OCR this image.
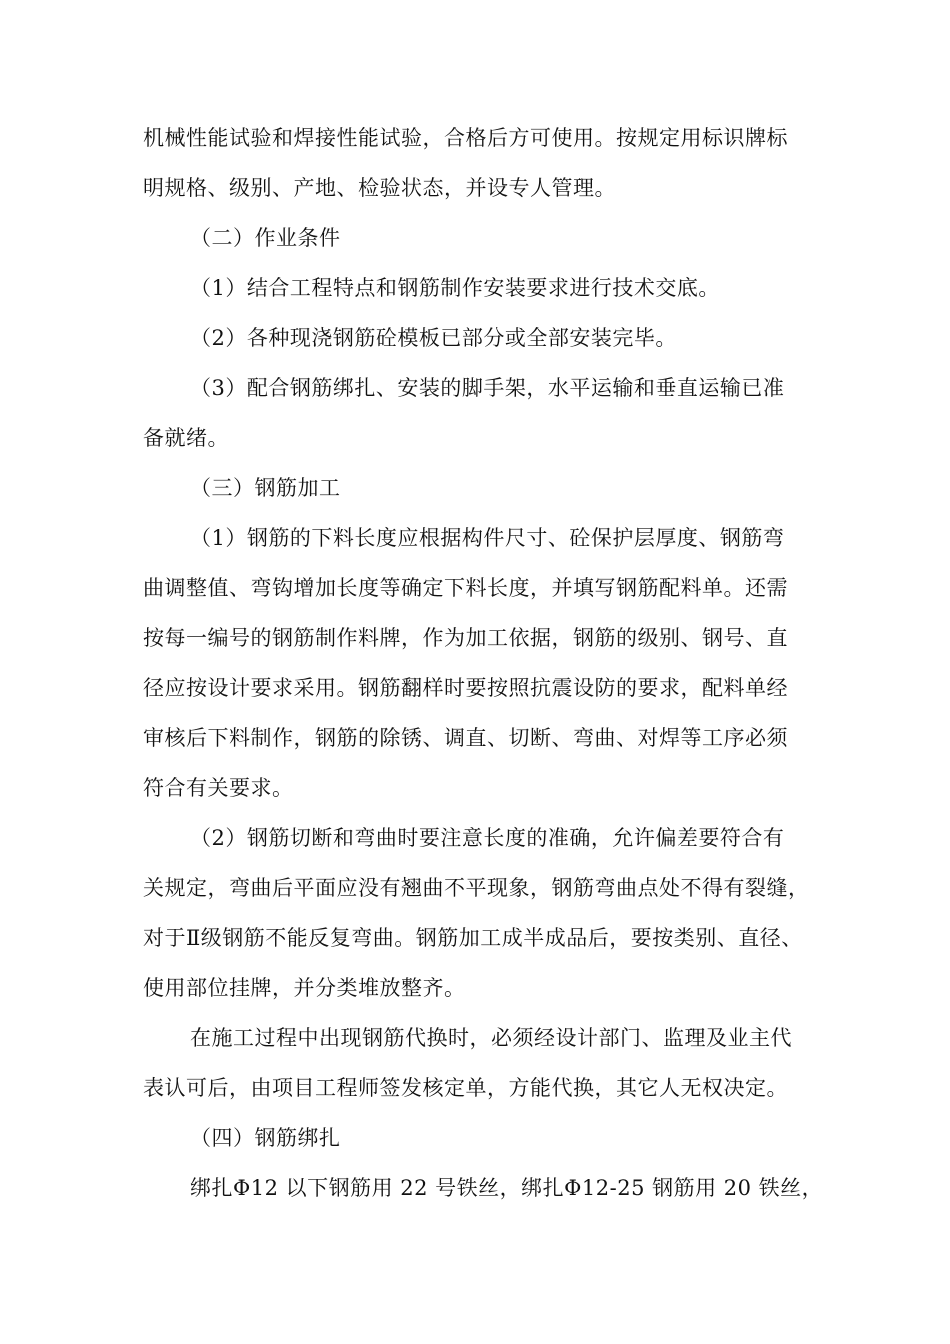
机械性能试验和焊接性能试验，合格后方可使用。按规定用标识牌标
明规格、级别、产地、检验状态，并设专人管理。
（二）作业条件
（1）结合工程特点和钢筋制作安装要求进行技术交底。
（2）各种现浇钢筋砼模板已部分或全部安装完毕。
（3）配合钢筋绑扎、安装的脚手架，水平运输和垂直运输已准
备就绪。
（三）钢筋加工
（1）钢筋的下料长度应根据构件尺寸、砼保护层厚度、钢筋弯
曲调整值、弯钩增加长度等确定下料长度，并填写钢筋配料单。还需
按每一编号的钢筋制作料牌，作为加工依据，钢筋的级别、钢号、直
径应按设计要求采用。钢筋翻样时要按照抗震设防的要求，配料单经
审核后下料制作，钢筋的除锈、调直、切断、弯曲、对焊等工序必须
符合有关要求。
（2）钢筋切断和弯曲时要注意长度的准确，允许偏差要符合有
关规定，弯曲后平面应没有翘曲不平现象，钢筋弯曲点处不得有裂缝，
对于Ⅱ级钢筋不能反复弯曲。钢筋加工成半成品后，要按类别、直径、
使用部位挂牌，并分类堆放整齐。
在施工过程中出现钢筋代换时，必须经设计部门、监理及业主代
表认可后，由项目工程师签发核定单，方能代换，其它人无权决定。
（四）钢筋绑扎
绑扎Φ12 以下钢筋用 22 号铁丝，绑扎Φ12-25 钢筋用 20 铁丝，
